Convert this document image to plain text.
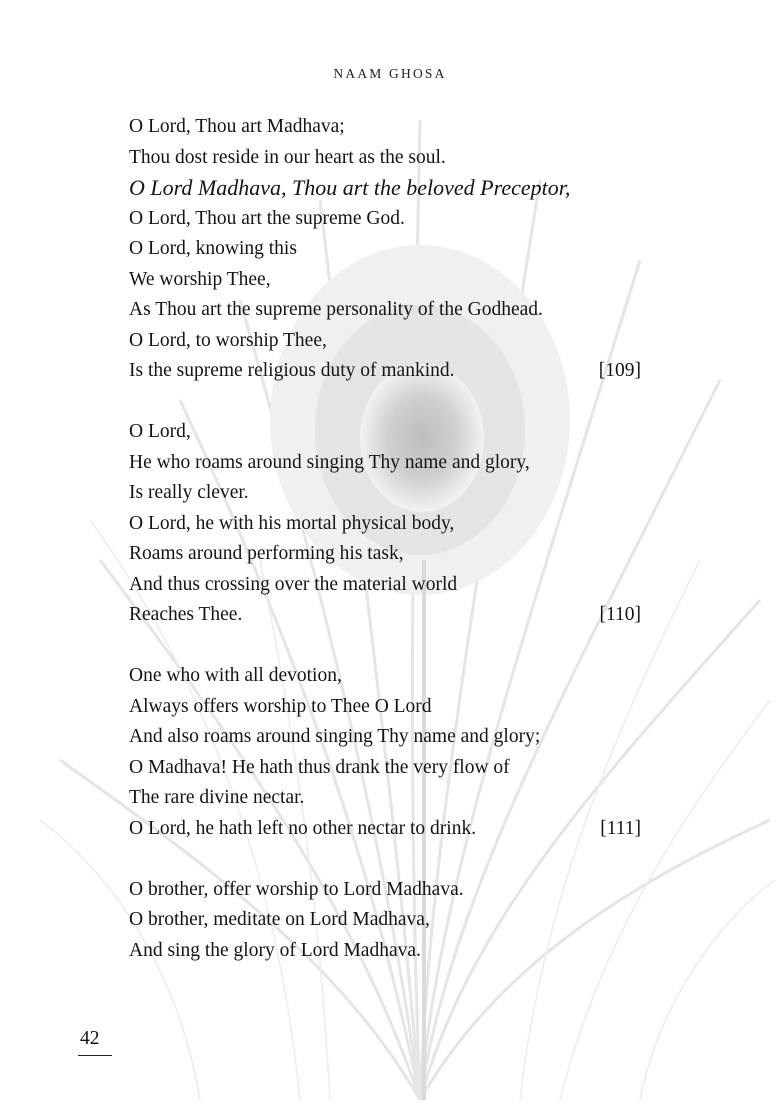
NAAM GHOSA
O Lord, Thou art Madhava;
Thou dost reside in our heart as the soul.
O Lord Madhava, Thou art the beloved Preceptor,
O Lord, Thou art the supreme God.
O Lord, knowing this
We worship Thee,
As Thou art the supreme personality of the Godhead.
O Lord, to worship Thee,
Is the supreme religious duty of mankind.	[109]
O Lord,
He who roams around singing Thy name and glory,
Is really clever.
O Lord, he with his mortal physical body,
Roams around performing his task,
And thus crossing over the material world
Reaches Thee.	[110]
One who with all devotion,
Always offers worship to Thee O Lord
And also roams around singing Thy name and glory;
O Madhava! He hath thus drank the very flow of
The rare divine nectar.
O Lord, he hath left no other nectar to drink.	[111]
O brother, offer worship to Lord Madhava.
O brother, meditate on Lord Madhava,
And sing the glory of Lord Madhava.
42
